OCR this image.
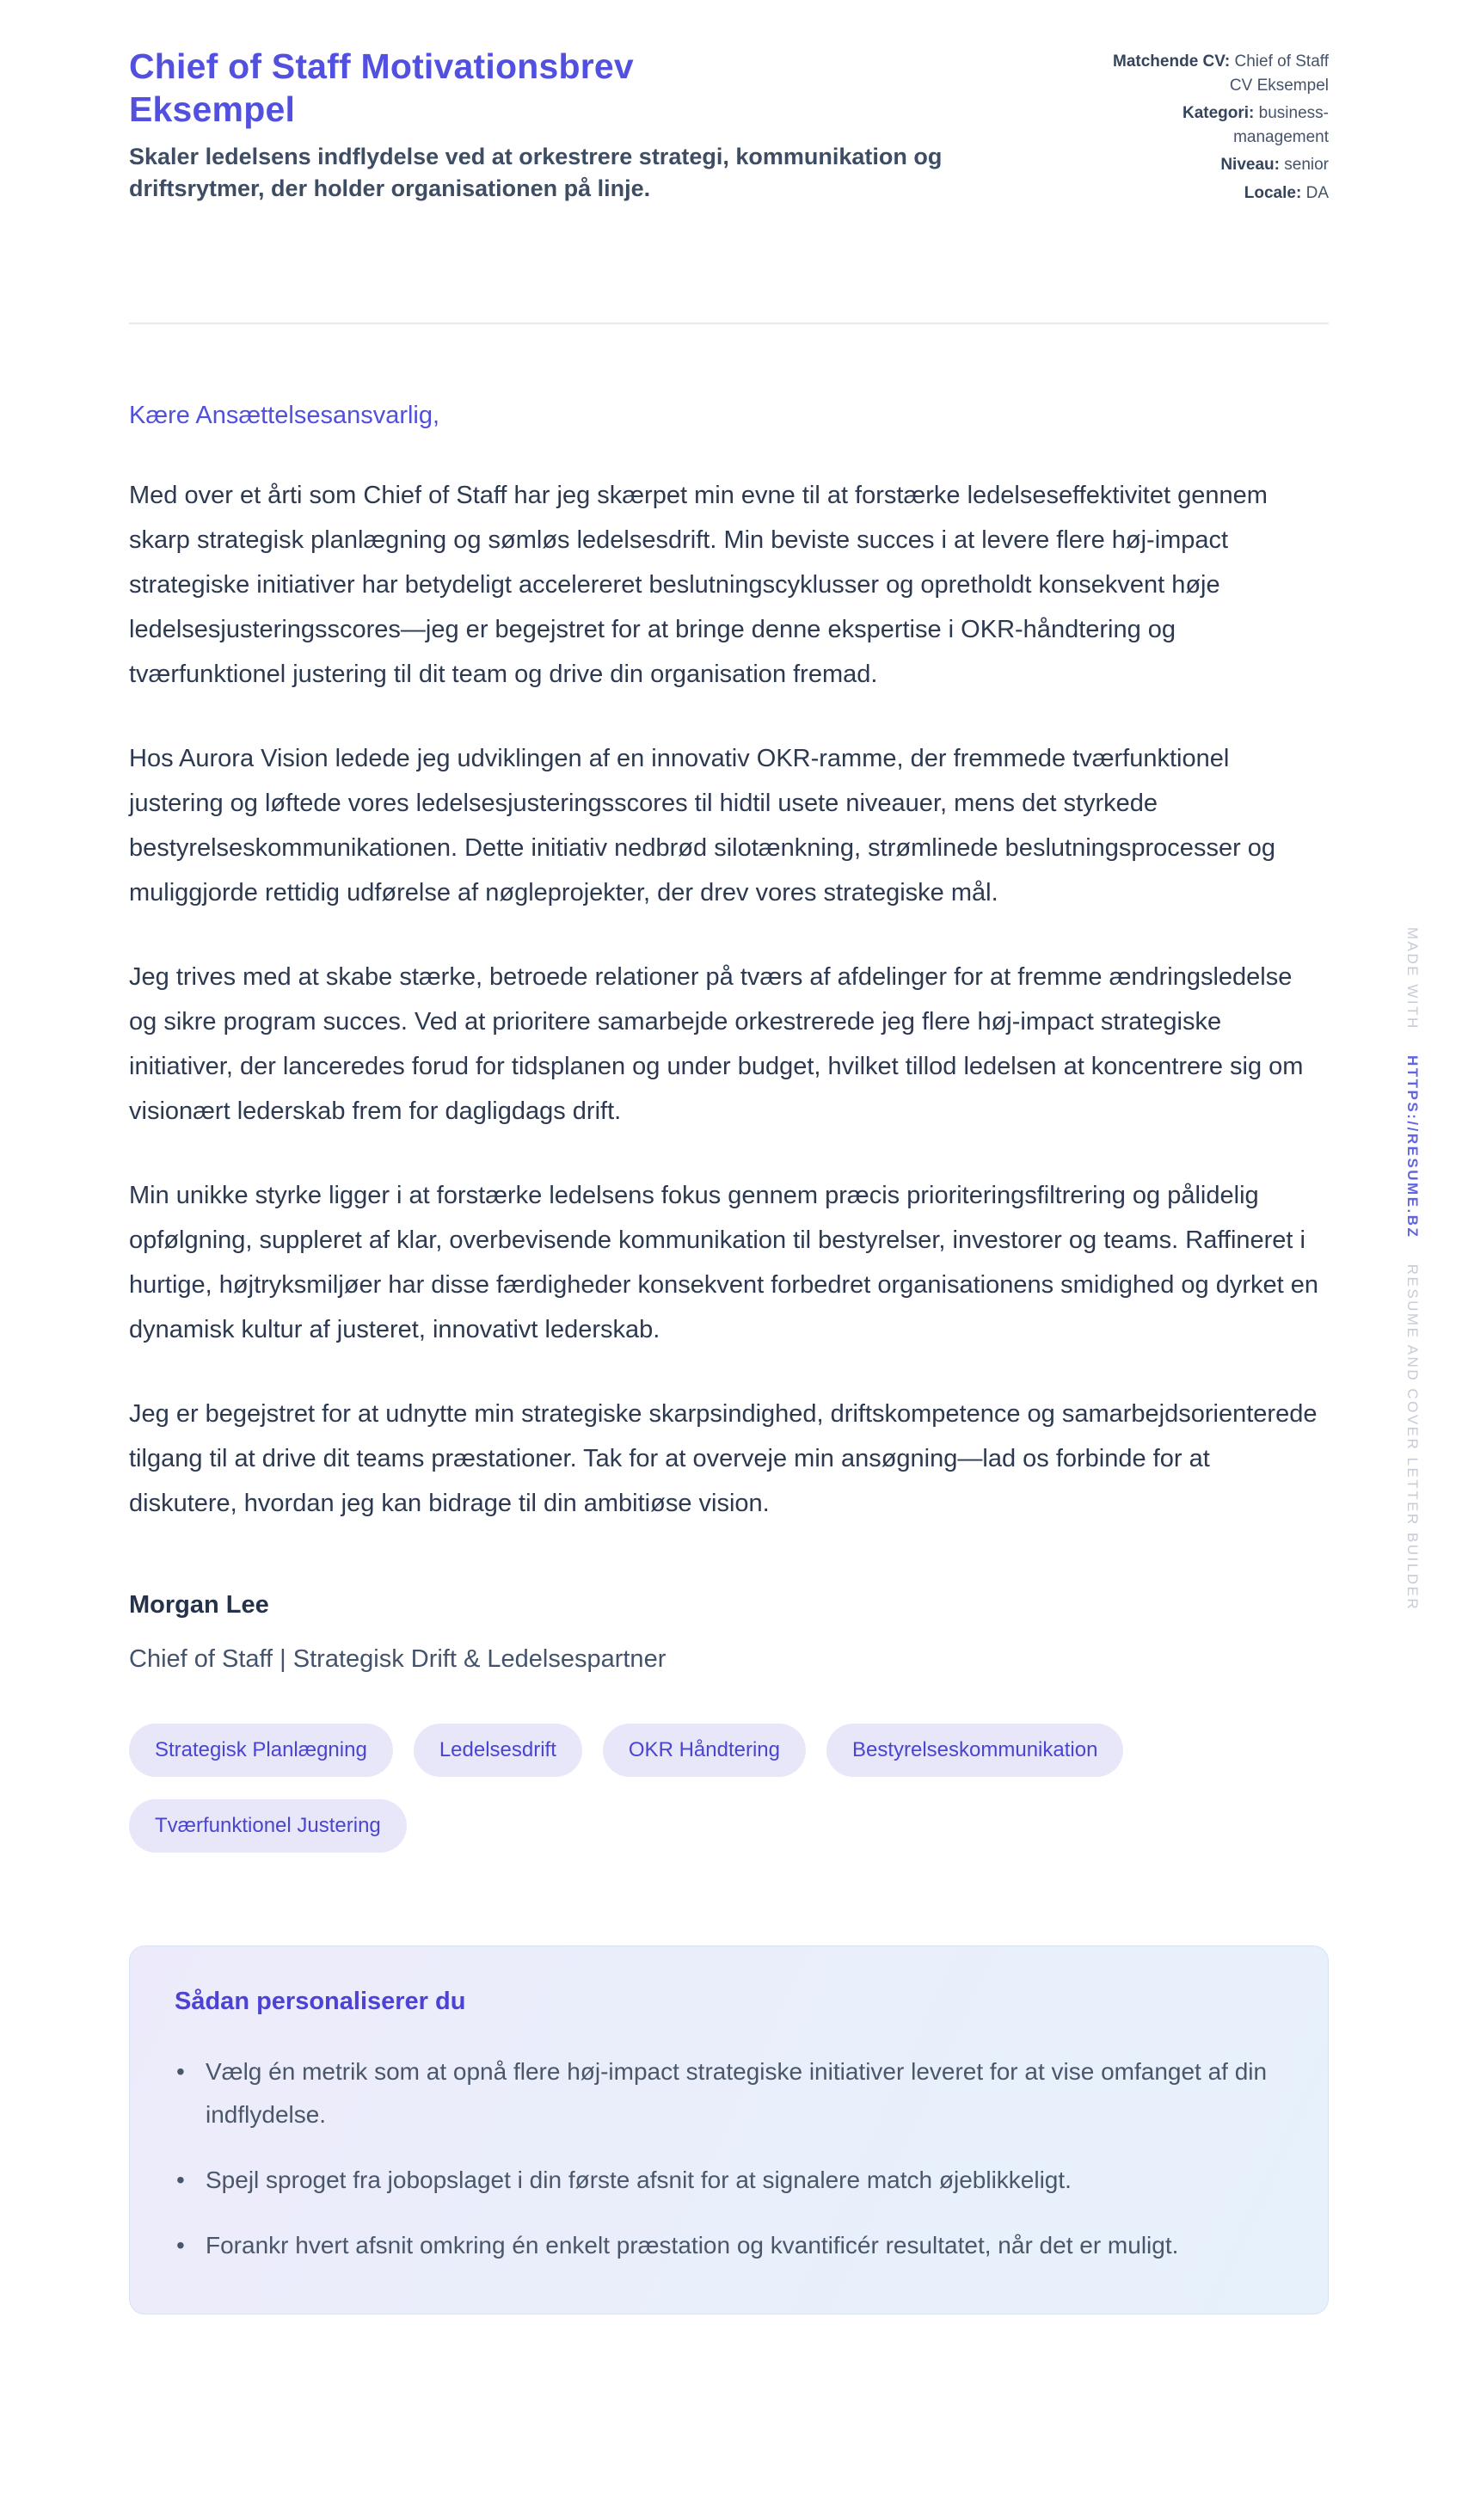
Chief of Staff Motivationsbrev Eksempel

Skaler ledelsens indflydelse ved at orkestrere strategi, kommunikation og driftsrytmer, der holder organisationen på linje.

Matchende CV: Chief of Staff CV Eksempel
Kategori: business-management
Niveau: senior
Locale: DA

Kære Ansættelsesansvarlig,

Med over et årti som Chief of Staff har jeg skærpet min evne til at forstærke ledelseseffektivitet gennem skarp strategisk planlægning og sømløs ledelsesdrift. Min beviste succes i at levere flere høj-impact strategiske initiativer har betydeligt accelereret beslutningscyklusser og opretholdt konsekvent høje ledelsesjusteringsscores—jeg er begejstret for at bringe denne ekspertise i OKR-håndtering og tværfunktionel justering til dit team og drive din organisation fremad.

Hos Aurora Vision ledede jeg udviklingen af en innovativ OKR-ramme, der fremmede tværfunktionel justering og løftede vores ledelsesjusteringsscores til hidtil usete niveauer, mens det styrkede bestyrelseskommunikationen. Dette initiativ nedbrød silotænkning, strømlinede beslutningsprocesser og muliggjorde rettidig udførelse af nøgleprojekter, der drev vores strategiske mål.

Jeg trives med at skabe stærke, betroede relationer på tværs af afdelinger for at fremme ændringsledelse og sikre program succes. Ved at prioritere samarbejde orkestrerede jeg flere høj-impact strategiske initiativer, der lanceredes forud for tidsplanen og under budget, hvilket tillod ledelsen at koncentrere sig om visionært lederskab frem for dagligdags drift.

Min unikke styrke ligger i at forstærke ledelsens fokus gennem præcis prioriteringsfiltrering og pålidelig opfølgning, suppleret af klar, overbevisende kommunikation til bestyrelser, investorer og teams. Raffineret i hurtige, højtryksmiljøer har disse færdigheder konsekvent forbedret organisationens smidighed og dyrket en dynamisk kultur af justeret, innovativt lederskab.

Jeg er begejstret for at udnytte min strategiske skarpsindighed, driftskompetence og samarbejdsorienterede tilgang til at drive dit teams præstationer. Tak for at overveje min ansøgning—lad os forbinde for at diskutere, hvordan jeg kan bidrage til din ambitiøse vision.

Morgan Lee

Chief of Staff | Strategisk Drift & Ledelsespartner

Strategisk Planlægning	Ledelsesdrift	OKR Håndtering	Bestyrelseskommunikation
Tværfunktionel Justering
Sådan personaliserer du
• Vælg én metrik som at opnå flere høj-impact strategiske initiativer leveret for at vise omfanget af din indflydelse.
• Spejl sproget fra jobopslaget i din første afsnit for at signalere match øjeblikkeligt.
• Forankr hvert afsnit omkring én enkelt præstation og kvantificér resultatet, når det er muligt.
MADE WITH HTTPS://RESUME.BZ RESUME AND COVER LETTER BUILDER
